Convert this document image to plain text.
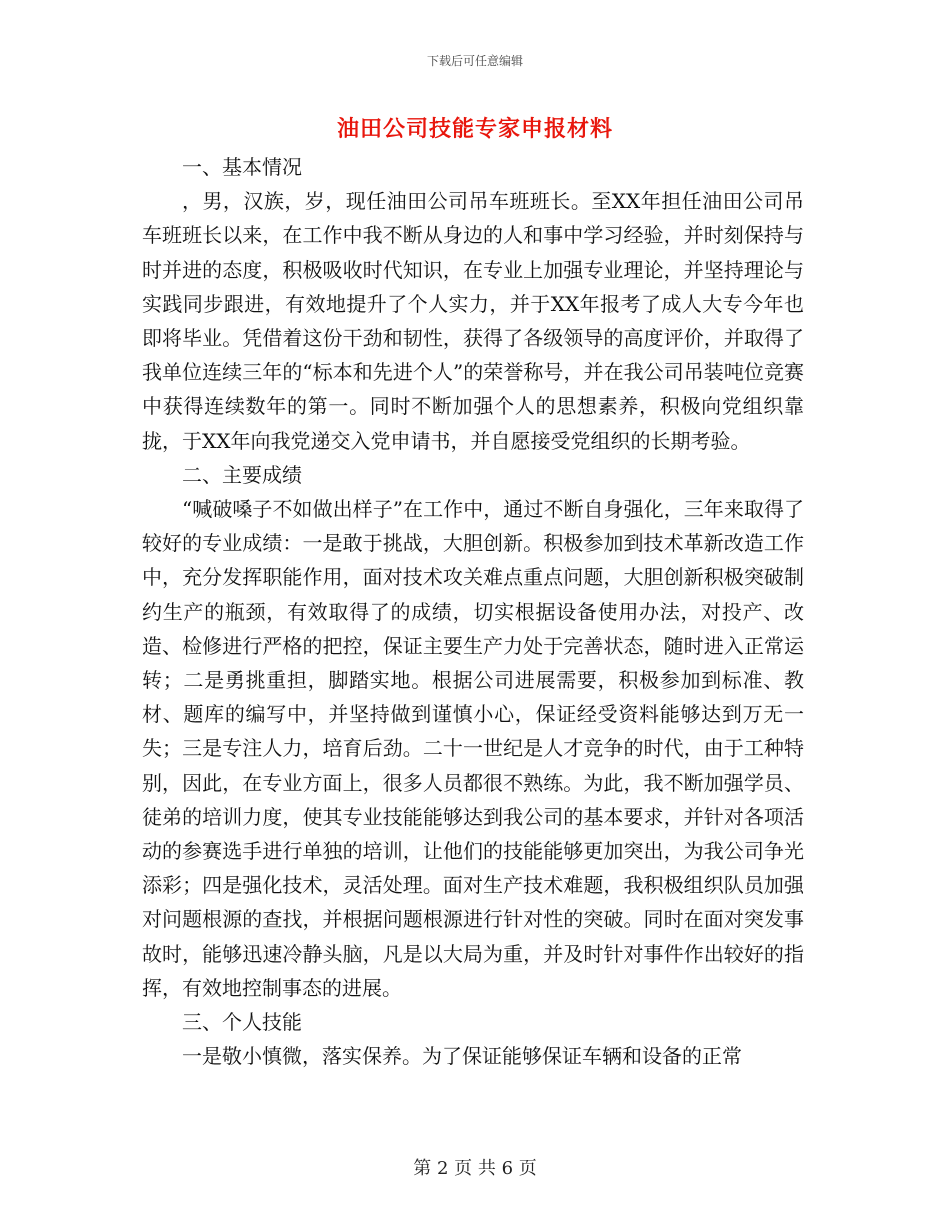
下载后可任意编辑
油田公司技能专家申报材料

一、基本情况

，男，汉族，岁，现任油田公司吊车班班长。至XX年担任油田公司吊车班班长以来，在工作中我不断从身边的人和事中学习经验，并时刻保持与时并进的态度，积极吸收时代知识，在专业上加强专业理论，并坚持理论与实践同步跟进，有效地提升了个人实力，并于XX年报考了成人大专今年也即将毕业。凭借着这份干劲和韧性，获得了各级领导的高度评价，并取得了我单位连续三年的“标本和先进个人”的荣誉称号，并在我公司吊装吨位竞赛中获得连续数年的第一。同时不断加强个人的思想素养，积极向党组织靠拢，于XX年向我党递交入党申请书，并自愿接受党组织的长期考验。

二、主要成绩

“喊破嗓子不如做出样子”在工作中，通过不断自身强化，三年来取得了较好的专业成绩：一是敢于挑战，大胆创新。积极参加到技术革新改造工作中，充分发挥职能作用，面对技术攻关难点重点问题，大胆创新积极突破制约生产的瓶颈，有效取得了的成绩，切实根据设备使用办法，对投产、改造、检修进行严格的把控，保证主要生产力处于完善状态，随时进入正常运转；二是勇挑重担，脚踏实地。根据公司进展需要，积极参加到标准、教材、题库的编写中，并坚持做到谨慎小心，保证经受资料能够达到万无一失；三是专注人力，培育后劲。二十一世纪是人才竞争的时代，由于工种特别，因此，在专业方面上，很多人员都很不熟练。为此，我不断加强学员、徒弟的培训力度，使其专业技能能够达到我公司的基本要求，并针对各项活动的参赛选手进行单独的培训，让他们的技能能够更加突出，为我公司争光添彩；四是强化技术，灵活处理。面对生产技术难题，我积极组织队员加强对问题根源的查找，并根据问题根源进行针对性的突破。同时在面对突发事故时，能够迅速冷静头脑，凡是以大局为重，并及时针对事件作出较好的指挥，有效地控制事态的进展。

三、个人技能

一是敬小慎微，落实保养。为了保证能够保证车辆和设备的正常

第 2 页 共 6 页
